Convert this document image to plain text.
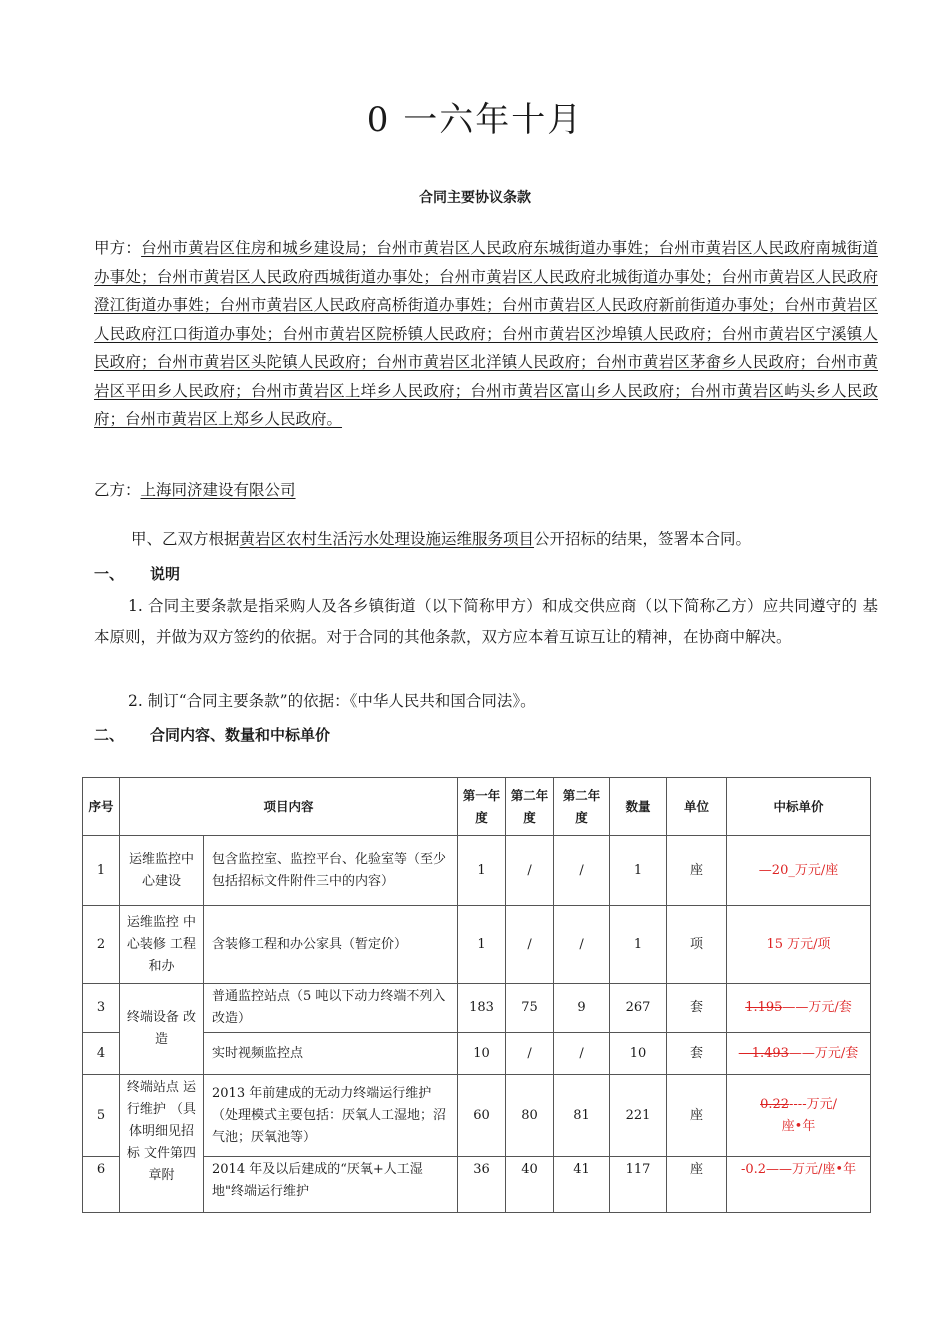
0 一六年十月
合同主要协议条款
甲方：台州市黄岩区住房和城乡建设局；台州市黄岩区人民政府东城街道办事姓；台州市黄岩区人民政府南城街道办事处；台州市黄岩区人民政府西城街道办事处；台州市黄岩区人民政府北城街道办事处；台州市黄岩区人民政府澄江街道办事姓；台州市黄岩区人民政府高桥街道办事姓；台州市黄岩区人民政府新前街道办事处；台州市黄岩区人民政府江口街道办事处；台州市黄岩区院桥镇人民政府；台州市黄岩区沙埠镇人民政府；台州市黄岩区宁溪镇人民政府；台州市黄岩区头陀镇人民政府；台州市黄岩区北洋镇人民政府；台州市黄岩区茅畲乡人民政府；台州市黄岩区平田乡人民政府；台州市黄岩区上垟乡人民政府；台州市黄岩区富山乡人民政府；台州市黄岩区屿头乡人民政府；台州市黄岩区上郑乡人民政府。
乙方：上海同济建设有限公司
甲、乙双方根据黄岩区农村生活污水处理设施运维服务项目公开招标的结果，签署本合同。
一、 说明
1. 合同主要条款是指采购人及各乡镇街道（以下简称甲方）和成交供应商（以下简称乙方）应共同遵守的 基本原则，并做为双方签约的依据。对于合同的其他条款，双方应本着互谅互让的精神，在协商中解决。
2. 制订“合同主要条款”的依据：《中华人民共和国合同法》。
二、 合同内容、数量和中标单价
序号	项目内容		第一年度	第二年度	第二年度	数量	单位	中标单价
1	运维监控中心建设	包含监控室、监控平台、化验室等（至少包括招标文件附件三中的内容）	1	/	/	1	座	—20_万元/座
2	运维监控 中心装修 工程和办	含装修工程和办公家具（暂定价）	1	/	/	1	项	15 万元/项
3	终端设备 改造	普通监控站点（5 吨以下动力终端不列入改造）	183	75	9	267	套	1.195——万元/套
4		实时视频监控点	10	/	/	10	套	—1.493——万元/套
5	终端站点 运行维护 （具体明细见招标 文件第四 章附	2013 年前建成的无动力终端运行维护（处理模式主要包括：厌氧人工湿地；沼气池；厌氧池等）	60	80	81	221	座	0.22----万元/
座•年
6		2014 年及以后建成的“厌氧+人工湿地"终端运行维护	36	40	41	117	座	-0.2——万元/座•年
